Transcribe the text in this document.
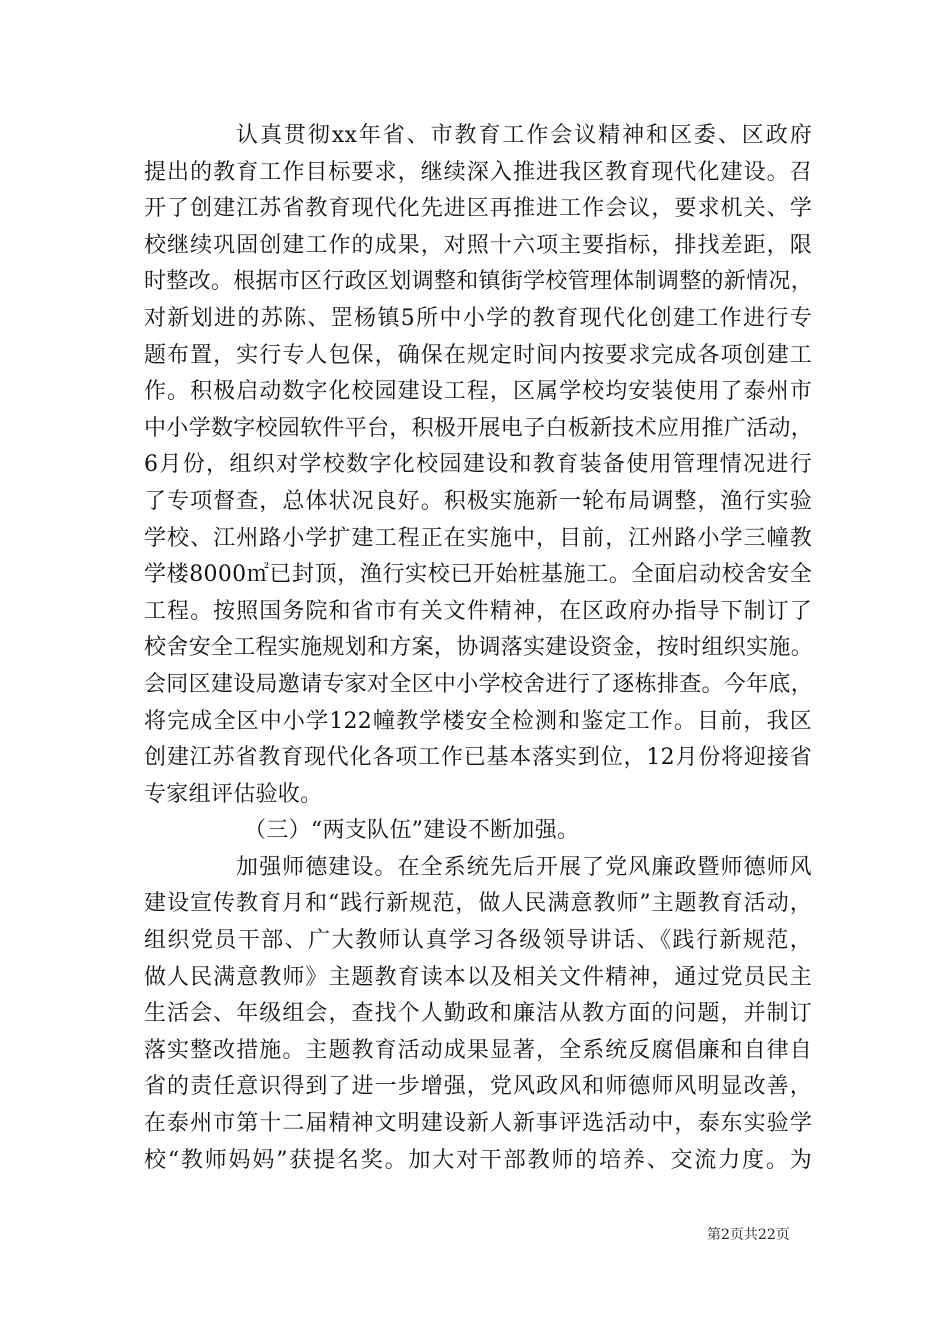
认真贯彻xx年省、市教育工作会议精神和区委、区政府
提出的教育工作目标要求，继续深入推进我区教育现代化建设。召
开了创建江苏省教育现代化先进区再推进工作会议，要求机关、学
校继续巩固创建工作的成果，对照十六项主要指标，排找差距，限
时整改。根据市区行政区划调整和镇街学校管理体制调整的新情况，
对新划进的苏陈、罡杨镇5所中小学的教育现代化创建工作进行专
题布置，实行专人包保，确保在规定时间内按要求完成各项创建工
作。积极启动数字化校园建设工程，区属学校均安装使用了泰州市
中小学数字校园软件平台，积极开展电子白板新技术应用推广活动，
6月份，组织对学校数字化校园建设和教育装备使用管理情况进行
了专项督查，总体状况良好。积极实施新一轮布局调整，渔行实验
学校、江州路小学扩建工程正在实施中，目前，江州路小学三幢教
学楼8000㎡已封顶，渔行实校已开始桩基施工。全面启动校舍安全
工程。按照国务院和省市有关文件精神，在区政府办指导下制订了
校舍安全工程实施规划和方案，协调落实建设资金，按时组织实施。
会同区建设局邀请专家对全区中小学校舍进行了逐栋排查。今年底，
将完成全区中小学122幢教学楼安全检测和鉴定工作。目前，我区
创建江苏省教育现代化各项工作已基本落实到位，12月份将迎接省
专家组评估验收。
（三）“两支队伍”建设不断加强。
加强师德建设。在全系统先后开展了党风廉政暨师德师风
建设宣传教育月和“践行新规范，做人民满意教师”主题教育活动，
组织党员干部、广大教师认真学习各级领导讲话、《践行新规范，
做人民满意教师》主题教育读本以及相关文件精神，通过党员民主
生活会、年级组会，查找个人勤政和廉洁从教方面的问题，并制订
落实整改措施。主题教育活动成果显著，全系统反腐倡廉和自律自
省的责任意识得到了进一步增强，党风政风和师德师风明显改善，
在泰州市第十二届精神文明建设新人新事评选活动中，泰东实验学
校“教师妈妈”获提名奖。加大对干部教师的培养、交流力度。为
第2页共22页
